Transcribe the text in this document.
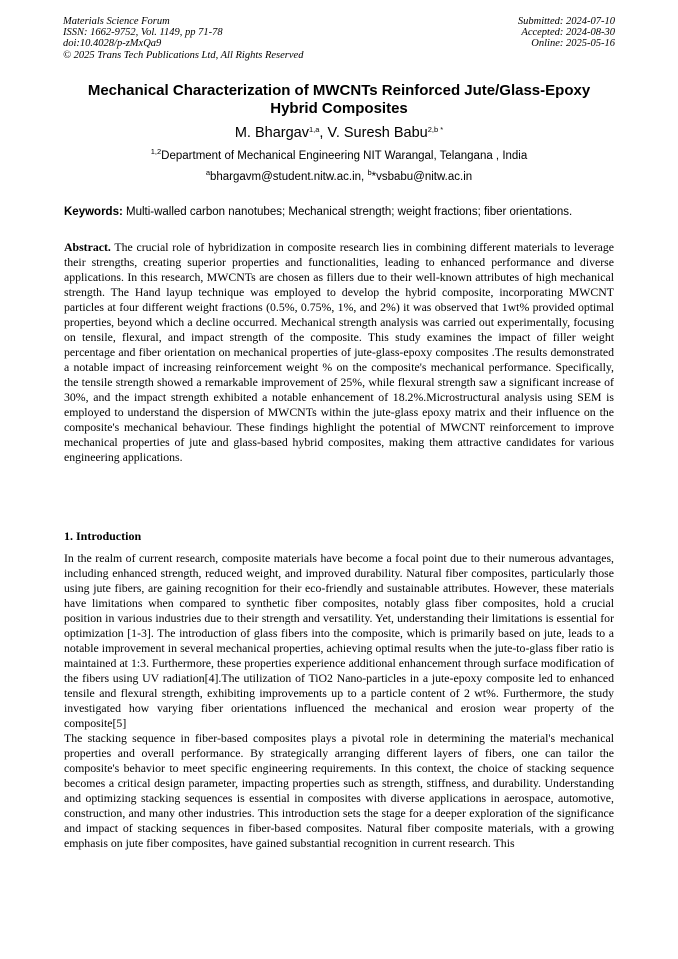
Materials Science Forum
ISSN: 1662-9752, Vol. 1149, pp 71-78
doi:10.4028/p-zMxQa9
© 2025 Trans Tech Publications Ltd, All Rights Reserved
Submitted: 2024-07-10
Accepted: 2024-08-30
Online: 2025-05-16
Mechanical Characterization of MWCNTs Reinforced Jute/Glass-Epoxy
Hybrid Composites
M. Bhargav$^{1,a}$, V. Suresh Babu$^{2,b *}$
$^{1,2}$Department of Mechanical Engineering NIT Warangal, Telangana , India
$^a$bhargavm@student.nitw.ac.in, $^b$*vsbabu@nitw.ac.in
Keywords: Multi-walled carbon nanotubes; Mechanical strength; weight fractions; fiber orientations.
Abstract. The crucial role of hybridization in composite research lies in combining different materials to leverage their strengths, creating superior properties and functionalities, leading to enhanced performance and diverse applications. In this research, MWCNTs are chosen as fillers due to their well-known attributes of high mechanical strength. The Hand layup technique was employed to develop the hybrid composite, incorporating MWCNT particles at four different weight fractions (0.5%, 0.75%, 1%, and 2%) it was observed that 1wt% provided optimal properties, beyond which a decline occurred. Mechanical strength analysis was carried out experimentally, focusing on tensile, flexural, and impact strength of the composite. This study examines the impact of filler weight percentage and fiber orientation on mechanical properties of jute-glass-epoxy composites .The results demonstrated a notable impact of increasing reinforcement weight % on the composite's mechanical performance. Specifically, the tensile strength showed a remarkable improvement of 25%, while flexural strength saw a significant increase of 30%, and the impact strength exhibited a notable enhancement of 18.2%.Microstructural analysis using SEM is employed to understand the dispersion of MWCNTs within the jute-glass epoxy matrix and their influence on the composite's mechanical behaviour. These findings highlight the potential of MWCNT reinforcement to improve mechanical properties of jute and glass-based hybrid composites, making them attractive candidates for various engineering applications.
1. Introduction

In the realm of current research, composite materials have become a focal point due to their numerous advantages, including enhanced strength, reduced weight, and improved durability. Natural fiber composites, particularly those using jute fibers, are gaining recognition for their eco-friendly and sustainable attributes. However, these materials have limitations when compared to synthetic fiber composites, notably glass fiber composites, hold a crucial position in various industries due to their strength and versatility. Yet, understanding their limitations is essential for optimization [1-3]. The introduction of glass fibers into the composite, which is primarily based on jute, leads to a notable improvement in several mechanical properties, achieving optimal results when the jute-to-glass fiber ratio is maintained at 1:3. Furthermore, these properties experience additional enhancement through surface modification of the fibers using UV radiation[4].The utilization of TiO2 Nano-particles in a jute-epoxy composite led to enhanced tensile and flexural strength, exhibiting improvements up to a particle content of 2 wt%. Furthermore, the study investigated how varying fiber orientations influenced the mechanical and erosion wear property of the composite[5]

The stacking sequence in fiber-based composites plays a pivotal role in determining the material's mechanical properties and overall performance. By strategically arranging different layers of fibers, one can tailor the composite's behavior to meet specific engineering requirements. In this context, the choice of stacking sequence becomes a critical design parameter, impacting properties such as strength, stiffness, and durability. Understanding and optimizing stacking sequences is essential in composites with diverse applications in aerospace, automotive, construction, and many other industries. This introduction sets the stage for a deeper exploration of the significance and impact of stacking sequences in fiber-based composites. Natural fiber composite materials, with a growing emphasis on jute fiber composites, have gained substantial recognition in current research. This
